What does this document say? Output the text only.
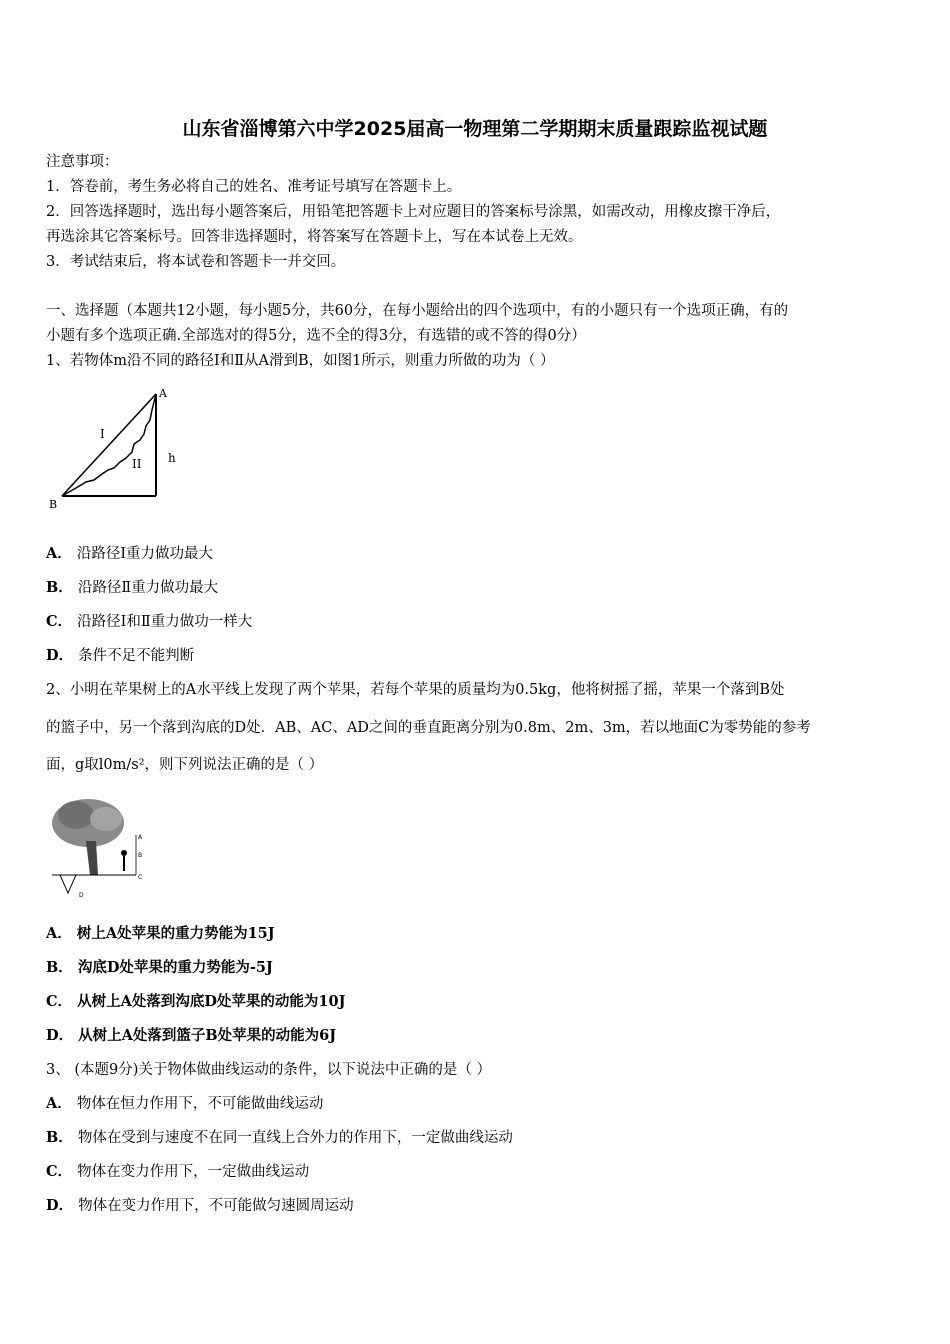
山东省淄博第六中学2025届高一物理第二学期期末质量跟踪监视试题
注意事项：
1．答卷前，考生务必将自己的姓名、准考证号填写在答题卡上。
2．回答选择题时，选出每小题答案后，用铅笔把答题卡上对应题目的答案标号涂黑，如需改动，用橡皮擦干净后，
再选涂其它答案标号。回答非选择题时，将答案写在答题卡上，写在本试卷上无效。
3．考试结束后，将本试卷和答题卡一并交回。
一、选择题（本题共12小题，每小题5分，共60分，在每小题给出的四个选项中，有的小题只有一个选项正确，有的
小题有多个选项正确.全部选对的得5分，选不全的得3分，有选错的或不答的得0分）
1、若物体m沿不同的路径Ⅰ和Ⅱ从A滑到B，如图1所示，则重力所做的功为（ ）
A
B
h
I
II
A． 沿路径Ⅰ重力做功最大
B． 沿路径Ⅱ重力做功最大
C． 沿路径Ⅰ和Ⅱ重力做功一样大
D． 条件不足不能判断
2、小明在苹果树上的A水平线上发现了两个苹果，若每个苹果的质量均为0.5kg，他将树摇了摇，苹果一个落到B处
的篮子中，另一个落到沟底的D处．AB、AC、AD之间的垂直距离分别为0.8m、2m、3m，若以地面C为零势能的参考
面，g取l0m/s²，则下列说法正确的是（ ）
A
B
C
D
A． 树上A处苹果的重力势能为15J
B． 沟底D处苹果的重力势能为-5J
C． 从树上A处落到沟底D处苹果的动能为10J
D． 从树上A处落到篮子B处苹果的动能为6J
3、 (本题9分)关于物体做曲线运动的条件，以下说法中正确的是（ ）
A． 物体在恒力作用下，不可能做曲线运动
B． 物体在受到与速度不在同一直线上合外力的作用下，一定做曲线运动
C． 物体在变力作用下，一定做曲线运动
D． 物体在变力作用下，不可能做匀速圆周运动
